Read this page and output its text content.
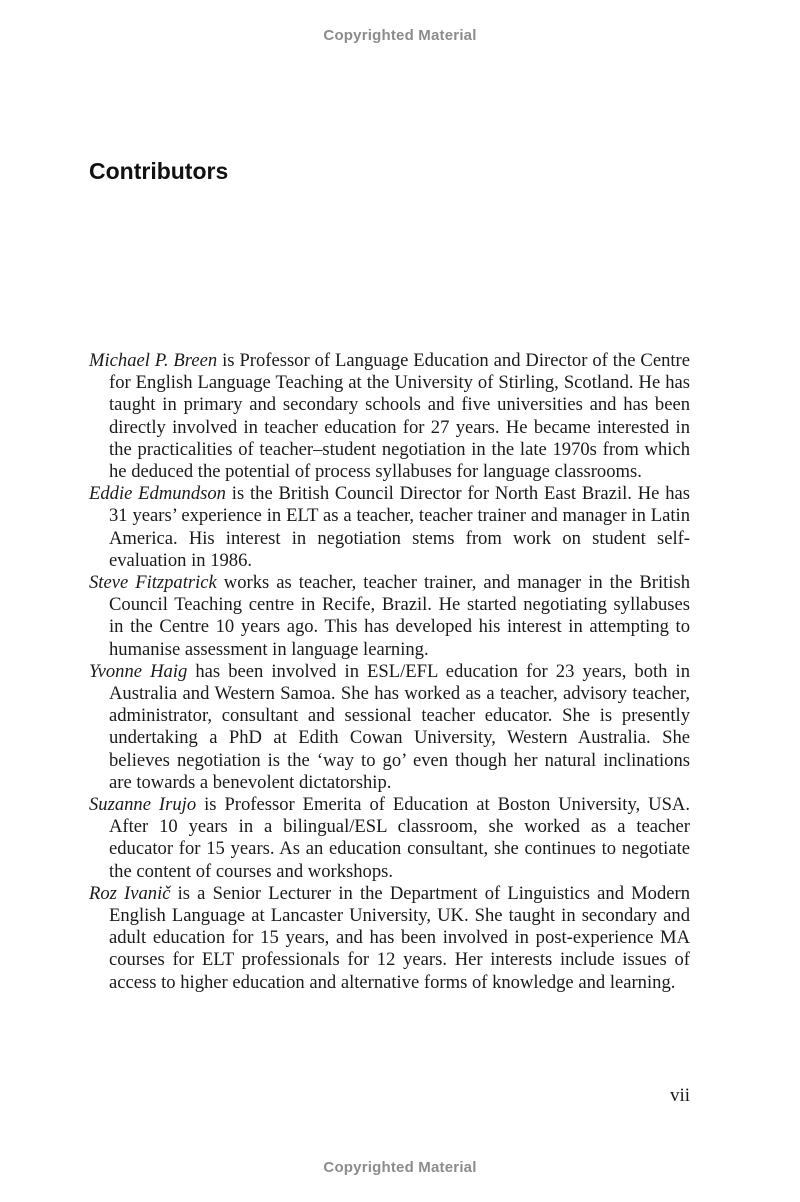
Copyrighted Material
Contributors

Michael P. Breen is Professor of Language Education and Director of the Centre for English Language Teaching at the University of Stirling, Scotland. He has taught in primary and secondary schools and five universities and has been directly involved in teacher education for 27 years. He became interested in the practicalities of teacher–student negotiation in the late 1970s from which he deduced the potential of process syllabuses for language classrooms.

Eddie Edmundson is the British Council Director for North East Brazil. He has 31 years’ experience in ELT as a teacher, teacher trainer and manager in Latin America. His interest in negotiation stems from work on student self-evaluation in 1986.

Steve Fitzpatrick works as teacher, teacher trainer, and manager in the British Council Teaching centre in Recife, Brazil. He started negotiating syllabuses in the Centre 10 years ago. This has developed his interest in attempting to humanise assessment in language learning.

Yvonne Haig has been involved in ESL/EFL education for 23 years, both in Australia and Western Samoa. She has worked as a teacher, advisory teacher, administrator, consultant and sessional teacher educator. She is presently undertaking a PhD at Edith Cowan University, Western Australia. She believes negotiation is the ‘way to go’ even though her natural inclinations are towards a benevolent dictatorship.

Suzanne Irujo is Professor Emerita of Education at Boston University, USA. After 10 years in a bilingual/ESL classroom, she worked as a teacher educator for 15 years. As an education consultant, she continues to negotiate the content of courses and workshops.

Roz Ivanič is a Senior Lecturer in the Department of Linguistics and Modern English Language at Lancaster University, UK. She taught in secondary and adult education for 15 years, and has been involved in post-experience MA courses for ELT professionals for 12 years. Her interests include issues of access to higher education and alternative forms of knowledge and learning.

vii
Copyrighted Material
